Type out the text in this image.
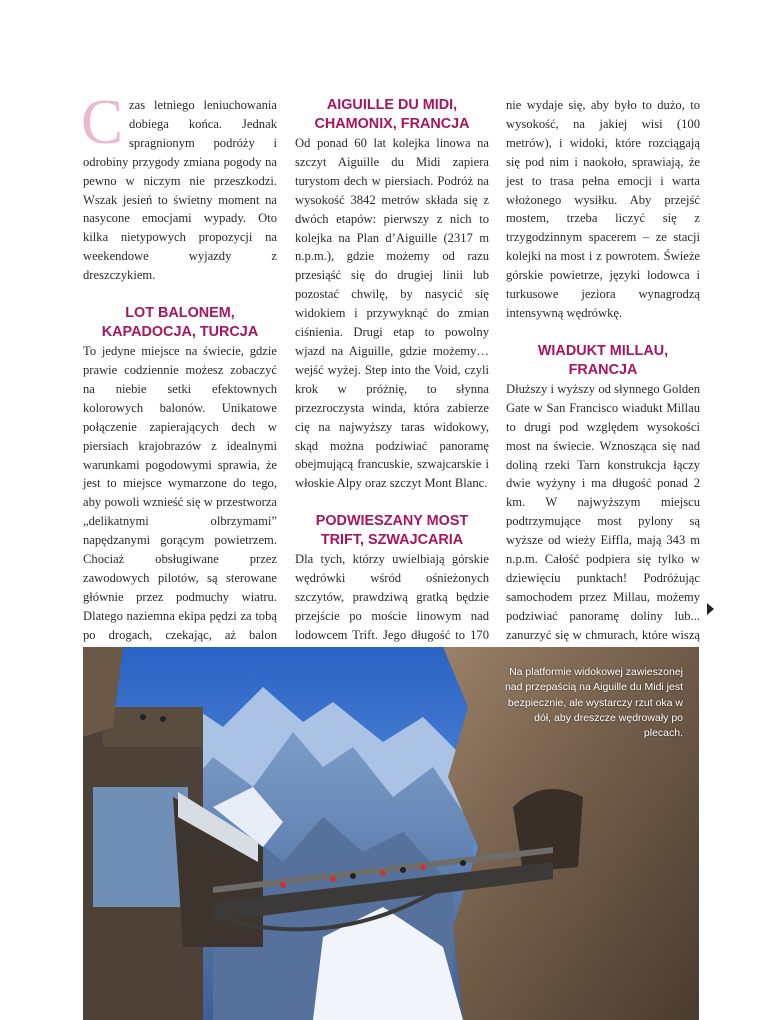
Czas letniego leniuchowania dobiega końca. Jednak spragnionym podróży i odrobiny przygody zmiana pogody na pewno w niczym nie przeszkodzi. Wszak jesień to świetny moment na nasycone emocjami wypady. Oto kilka nietypowych propozycji na weekendowe wyjazdy z dreszczykiem.

LOT BALONEM,
KAPADOCJA, TURCJA

To jedyne miejsce na świecie, gdzie prawie codziennie możesz zobaczyć na niebie setki efektownych kolorowych balonów. Unikatowe połączenie zapierających dech w piersiach krajobrazów z idealnymi warunkami pogodowymi sprawia, że jest to miejsce wymarzone do tego, aby powoli wznieść się w przestworza „delikatnymi olbrzymami” napędzanymi gorącym powietrzem. Chociaż obsługiwane przez zawodowych pilotów, są sterowane głównie przez podmuchy wiatru. Dlatego naziemna ekipa pędzi za tobą po drogach, czekając, aż balon

AIGUILLE DU MIDI,
CHAMONIX, FRANCJA

Od ponad 60 lat kolejka linowa na szczyt Aiguille du Midi zapiera turystom dech w piersiach. Podróż na wysokość 3842 metrów składa się z dwóch etapów: pierwszy z nich to kolejka na Plan d’Aiguille (2317 m n.p.m.), gdzie możemy od razu przesiąść się do drugiej linii lub pozostać chwilę, by nasycić się widokiem i przywyknąć do zmian ciśnienia. Drugi etap to powolny wjazd na Aiguille, gdzie możemy… wejść wyżej. Step into the Void, czyli krok w próżnię, to słynna przezroczysta winda, która zabierze cię na najwyższy taras widokowy, skąd można podziwiać panoramę obejmującą francuskie, szwajcarskie i włoskie Alpy oraz szczyt Mont Blanc.

PODWIESZANY MOST
TRIFT, SZWAJCARIA

Dla tych, którzy uwielbiają górskie wędrówki wśród ośnieżonych szczytów, prawdziwą gratką będzie przejście po moście linowym nad lodowcem Trift. Jego długość to 170

nie wydaje się, aby było to dużo, to wysokość, na jakiej wisi (100 metrów), i widoki, które rozciągają się pod nim i naokoło, sprawiają, że jest to trasa pełna emocji i warta włożonego wysiłku. Aby przejść mostem, trzeba liczyć się z trzygodzinnym spacerem – ze stacji kolejki na most i z powrotem. Świeże górskie powietrze, języki lodowca i turkusowe jeziora wynagrodzą intensywną wędrówkę.

WIADUKT MILLAU,
FRANCJA

Dłuższy i wyższy od słynnego Golden Gate w San Francisco wiadukt Millau to drugi pod względem wysokości most na świecie. Wznosząca się nad doliną rzeki Tarn konstrukcja łączy dwie wyżyny i ma długość ponad 2 km. W najwyższym miejscu podtrzymujące most pylony są wyższe od wieży Eiffla, mają 343 m n.p.m. Całość podpiera się tylko w dziewięciu punktach! Podróżując samochodem przez Millau, możemy podziwiać panoramę doliny lub... zanurzyć się w chmurach, które wiszą

Na platformie widokowej zawieszonej nad przepaścią na Aiguille du Midi jest bezpiecznie, ale wystarczy rzut oka w dół, aby dreszcze wędrowały po plecach.
